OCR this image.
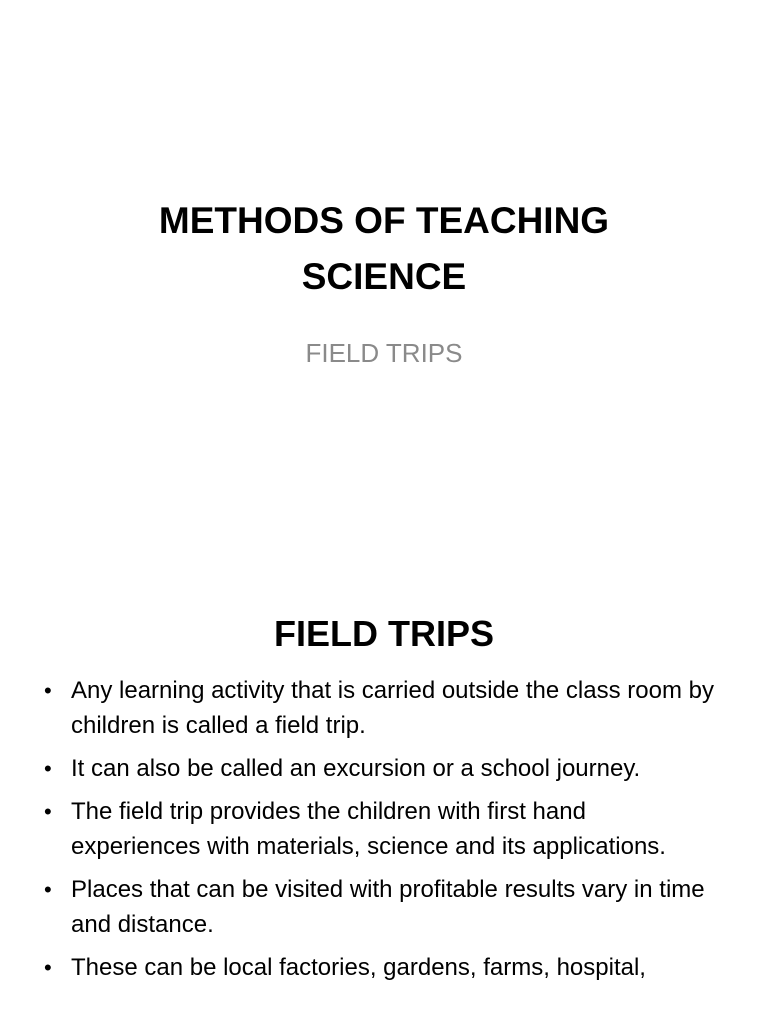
METHODS OF TEACHING SCIENCE

FIELD TRIPS

FIELD TRIPS
• Any learning activity that is carried outside the class room by children is called a field trip.
• It can also be called an excursion or a school journey.
• The field trip provides the children with first hand experiences with materials, science and its applications.
• Places that can be visited with profitable results vary in time and distance.
• These can be local factories, gardens, farms, hospital,
